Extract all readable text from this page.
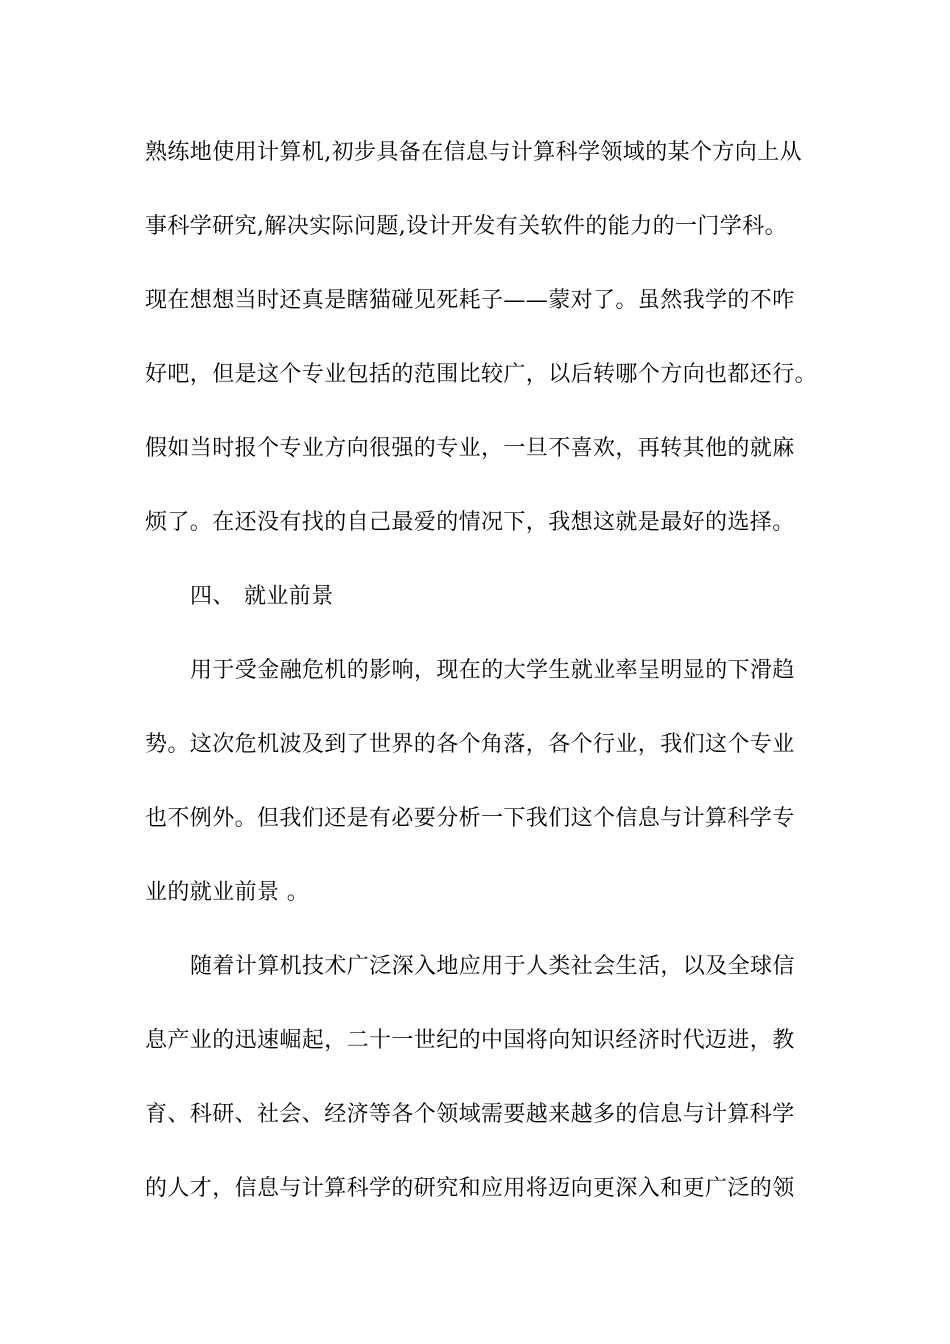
熟练地使用计算机,初步具备在信息与计算科学领域的某个方向上从
事科学研究,解决实际问题,设计开发有关软件的能力的一门学科。
现在想想当时还真是瞎猫碰见死耗子——蒙对了。虽然我学的不咋
好吧，但是这个专业包括的范围比较广，以后转哪个方向也都还行。
假如当时报个专业方向很强的专业，一旦不喜欢，再转其他的就麻
烦了。在还没有找的自己最爱的情况下，我想这就是最好的选择。
四、 就业前景
用于受金融危机的影响，现在的大学生就业率呈明显的下滑趋
势。这次危机波及到了世界的各个角落，各个行业，我们这个专业
也不例外。但我们还是有必要分析一下我们这个信息与计算科学专
业的就业前景 。
随着计算机技术广泛深入地应用于人类社会生活，以及全球信
息产业的迅速崛起，二十一世纪的中国将向知识经济时代迈进，教
育、科研、社会、经济等各个领域需要越来越多的信息与计算科学
的人才，信息与计算科学的研究和应用将迈向更深入和更广泛的领
